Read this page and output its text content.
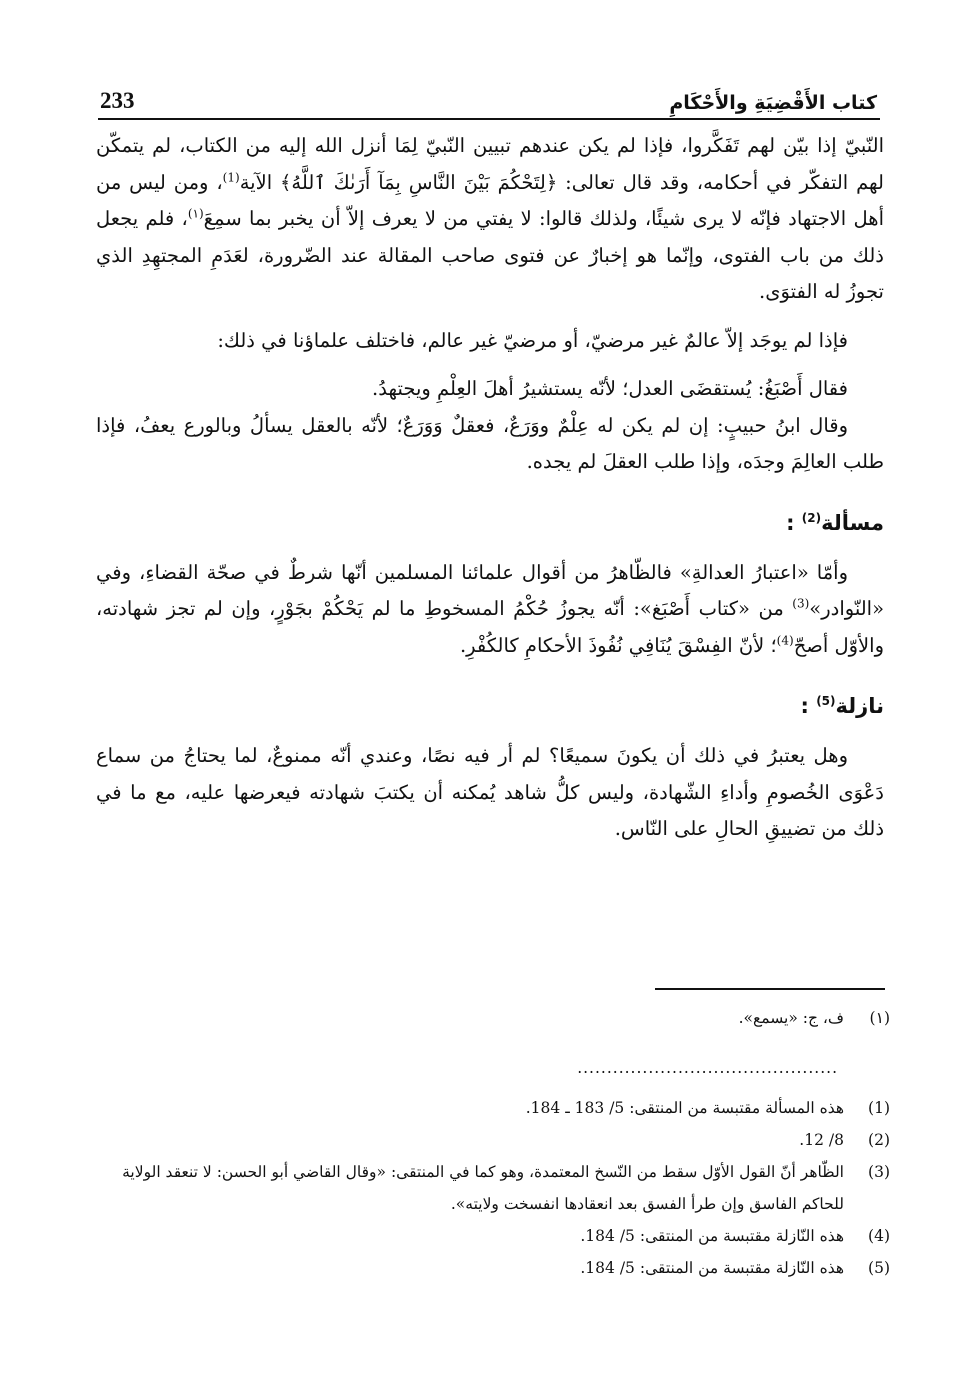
كتاب الأَقْضِيَةِ والأَحْكَامِ
233

النّبيّ إذا بيّن لهم تَفَكَّروا، فإذا لم يكن عندهم تبيين النّبيّ لِمَا أنزل الله إليه من الكتاب، لم يتمكّن لهم التفكّر في أحكامه، وقد قال تعالى: ﴿لِتَحْكُمَ بَيْنَ النَّاسِ بِمَآ أَرَىٰكَ ٱللَّهُ﴾ الآية$^{(1)}$، ومن ليس من أهل الاجتهاد فإنّه لا يرى شيئًا، ولذلك قالوا: لا يفتي من لا يعرف إلاّ أن يخبر بما سمِعَ$^{(١)}$، فلم يجعل ذلك من باب الفتوى، وإنّما هو إخبارٌ عن فتوى صاحب المقالة عند الضّرورة، لعَدَمِ المجتهِدِ الذي تجوزُ له الفتوَى.

فإذا لم يوجَد إلاّ عالمٌ غير مرضيّ، أو مرضيّ غير عالم، فاختلف علماؤنا في ذلك:

فقال أَصْبَغُ: يُستقضَى العدل؛ لأنّه يستشيرُ أهلَ العِلْمِ ويجتهدُ.

وقال ابنُ حبيبٍ: إن لم يكن له عِلْمٌ ووَرَعٌ، فعقلٌ وَوَرَعٌ؛ لأنّه بالعقل يسألُ وبالورع يعفُ، فإذا طلب العالِمَ وجدَه، وإذا طلب العقلَ لم يجده.

مسألة$^{(2)}$ :

وأمّا «اعتبارُ العدالةِ» فالظّاهرُ من أقوال علمائنا المسلمين أنّها شرطٌ في صحّة القضاءِ، وفي «النّوادر»$^{(3)}$ من «كتاب أَصْبَغ»: أنّه يجوزُ حُكْمُ المسخوطِ ما لم يَحْكُمْ بجَوْرٍ، وإن لم تجز شهادته، والأوّل أصحّ$^{(4)}$؛ لأنّ الفِسْقَ يُنَافِي نُفُوذَ الأحكامِ كالكُفْرِ.

نازلة$^{(5)}$ :

وهل يعتبرُ في ذلك أن يكونَ سميعًا؟ لم أر فيه نصًا، وعندي أنّه ممنوعٌ، لما يحتاجُ من سماع دَعْوَى الخُصومِ وأداءِ الشّهادة، وليس كلُّ شاهد يُمكنه أن يكتبَ شهادته فيعرضها عليه، مع ما في ذلك من تضييقِ الحالِ على النّاس.

(١)
ف، ج: «يسمع».
............................................
(1)
هذه المسألة مقتبسة من المنتقى: 5/ 183 ـ 184.
(2)
8/ 12.
(3)
الظّاهر أنّ القول الأوّل سقط من النّسخ المعتمدة، وهو كما في المنتقى: «وقال القاضي أبو الحسن: لا تنعقد الولاية للحاكم الفاسق وإن طرأ الفسق بعد انعقادها انفسخت ولايته».
(4)
هذه النّازلة مقتبسة من المنتقى: 5/ 184.
(5)
هذه النّازلة مقتبسة من المنتقى: 5/ 184.
